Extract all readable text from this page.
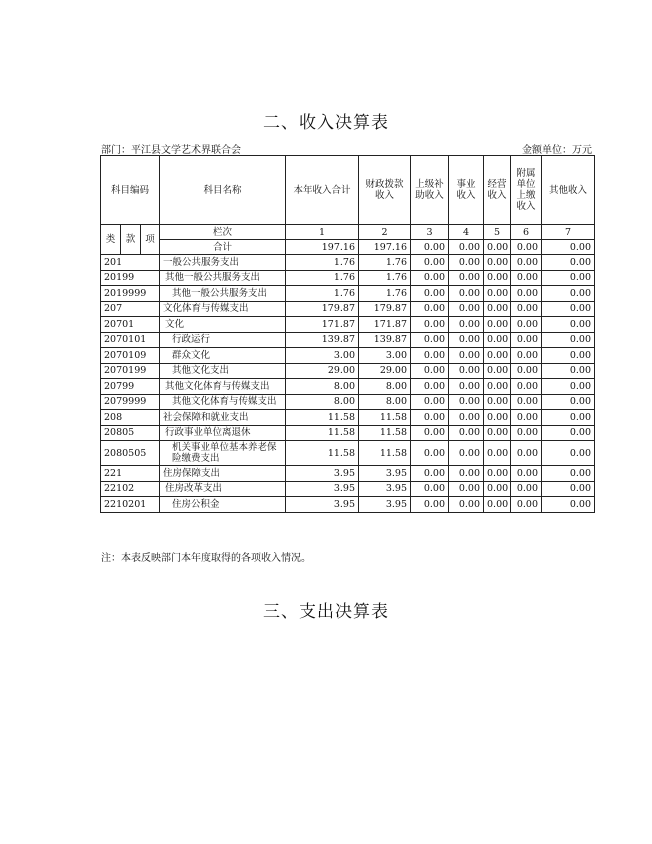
二、收入决算表
部门：平江县文学艺术界联合会	金额单位：万元
科目编码			科目名称	本年收入合计	财政拨款收入	上级补助收入	事业收入	经营收入	附属单位上缴收入	其他收入
类	款	项	栏次	1	2	3	4	5	6	7
			合计	197.16	197.16	0.00	0.00	0.00	0.00	0.00
201			一般公共服务支出	1.76	1.76	0.00	0.00	0.00	0.00	0.00
20199			其他一般公共服务支出	1.76	1.76	0.00	0.00	0.00	0.00	0.00
2019999			其他一般公共服务支出	1.76	1.76	0.00	0.00	0.00	0.00	0.00
207			文化体育与传媒支出	179.87	179.87	0.00	0.00	0.00	0.00	0.00
20701			文化	171.87	171.87	0.00	0.00	0.00	0.00	0.00
2070101			行政运行	139.87	139.87	0.00	0.00	0.00	0.00	0.00
2070109			群众文化	3.00	3.00	0.00	0.00	0.00	0.00	0.00
2070199			其他文化支出	29.00	29.00	0.00	0.00	0.00	0.00	0.00
20799			其他文化体育与传媒支出	8.00	8.00	0.00	0.00	0.00	0.00	0.00
2079999			其他文化体育与传媒支出	8.00	8.00	0.00	0.00	0.00	0.00	0.00
208			社会保障和就业支出	11.58	11.58	0.00	0.00	0.00	0.00	0.00
20805			行政事业单位离退休	11.58	11.58	0.00	0.00	0.00	0.00	0.00
2080505			机关事业单位基本养老保险缴费支出	11.58	11.58	0.00	0.00	0.00	0.00	0.00
221			住房保障支出	3.95	3.95	0.00	0.00	0.00	0.00	0.00
22102			住房改革支出	3.95	3.95	0.00	0.00	0.00	0.00	0.00
2210201			住房公积金	3.95	3.95	0.00	0.00	0.00	0.00	0.00
注：本表反映部门本年度取得的各项收入情况。
三、支出决算表
